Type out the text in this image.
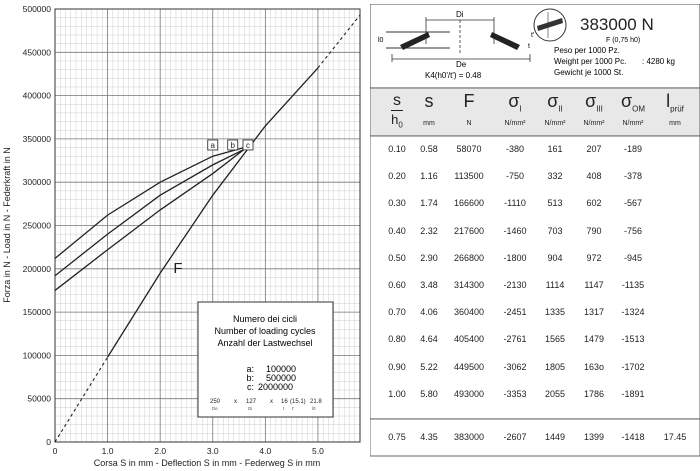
0
50000
100000
150000
200000
250000
300000
350000
400000
450000
500000
0	1.0	2.0	3.0	4.0	5.0
Forza in N - Load in N - Federkraft in N
Corsa S in mm - Deflection S in mm - Federweg S in mm
F
a b c
Numero dei cicli
Number of loading cycles
Anzahl der Lastwechsel
a: 100000
b: 500000
c: 2000000
250
De
x 127
Di
x 16
t
(15.1)
t'
21.8
l0
Di
De
l0
t
t'
K4(h0'/t') = 0.48
383000 N
F (0,75 h0)
Peso per 1000 Pz.
Weight per 1000 Pc.
Gewicht je 1000 St.
: 4280 kg
s
$h_0$
s
mm
F
N
$\sigma_I$
N/mm²
$\sigma_{II}$
N/mm²
$\sigma_{III}$
N/mm²
$\sigma_{OM}$
N/mm²
$l_{prüf}$
mm
0.10	0.58	58070	-380	161	207	-189
0.20	1.16	113500	-750	332	408	-378
0.30	1.74	166600	-1110	513	602	-567
0.40	2.32	217600	-1460	703	790	-756
0.50	2.90	266800	-1800	904	972	-945
0.60	3.48	314300	-2130	1114	1147	-1135
0.70	4.06	360400	-2451	1335	1317	-1324
0.80	4.64	405400	-2761	1565	1479	-1513
0.90	5.22	449500	-3062	1805	163o	-1702
1.00	5.80	493000	-3353	2055	1786	-1891
0.75	4.35	383000	-2607	1449	1399	-1418	17.45
